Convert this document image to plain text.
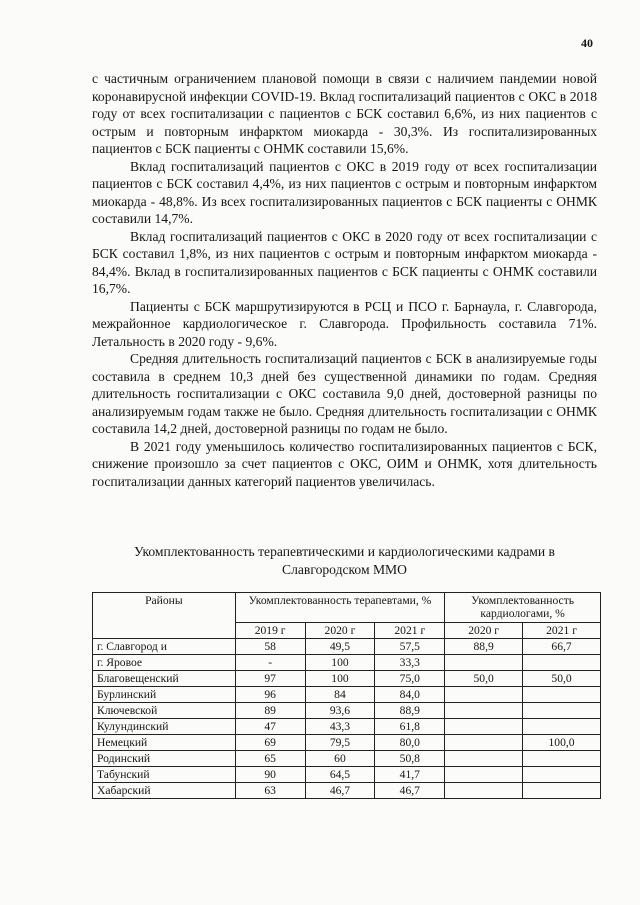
40

с частичным ограничением плановой помощи в связи с наличием пандемии новой коронавирусной инфекции COVID-19. Вклад госпитализаций пациентов с ОКС в 2018 году от всех госпитализации с пациентов с БСК составил 6,6%, из них пациентов с острым и повторным инфарктом миокарда - 30,3%. Из госпитализированных пациентов с БСК пациенты с ОНМК составили 15,6%.

Вклад госпитализаций пациентов с ОКС в 2019 году от всех госпитализации пациентов с БСК составил 4,4%, из них пациентов с острым и повторным инфарктом миокарда - 48,8%. Из всех госпитализированных пациентов с БСК пациенты с ОНМК составили 14,7%.

Вклад госпитализаций пациентов с ОКС в 2020 году от всех госпитализации с БСК составил 1,8%, из них пациентов с острым и повторным инфарктом миокарда - 84,4%. Вклад в госпитализированных пациентов с БСК пациенты с ОНМК составили 16,7%.

Пациенты с БСК маршрутизируются в РСЦ и ПСО г. Барнаула, г. Славгорода, межрайонное кардиологическое г. Славгорода. Профильность составила 71%. Летальность в 2020 году - 9,6%.

Средняя длительность госпитализаций пациентов с БСК в анализируемые годы составила в среднем 10,3 дней без существенной динамики по годам. Средняя длительность госпитализации с ОКС составила 9,0 дней, достоверной разницы по анализируемым годам также не было. Средняя длительность госпитализации с ОНМК составила 14,2 дней, достоверной разницы по годам не было.

В 2021 году уменьшилось количество госпитализированных пациентов с БСК, снижение произошло за счет пациентов с ОКС, ОИМ и ОНМК, хотя длительность госпитализации данных категорий пациентов увеличилась.

Укомплектованность терапевтическими и кардиологическими кадрами в Славгородском ММО
Районы	Укомплектованность терапевтами, %			Укомплектованность кардиологами, %	
	2019 г	2020 г	2021 г	2020 г	2021 г
г. Славгород и	58	49,5	57,5	88,9	66,7
г. Яровое	-	100	33,3		
Благовещенский	97	100	75,0	50,0	50,0
Бурлинский	96	84	84,0		
Ключевской	89	93,6	88,9		
Кулундинский	47	43,3	61,8		
Немецкий	69	79,5	80,0		100,0
Родинский	65	60	50,8		
Табунский	90	64,5	41,7		
Хабарский	63	46,7	46,7		
